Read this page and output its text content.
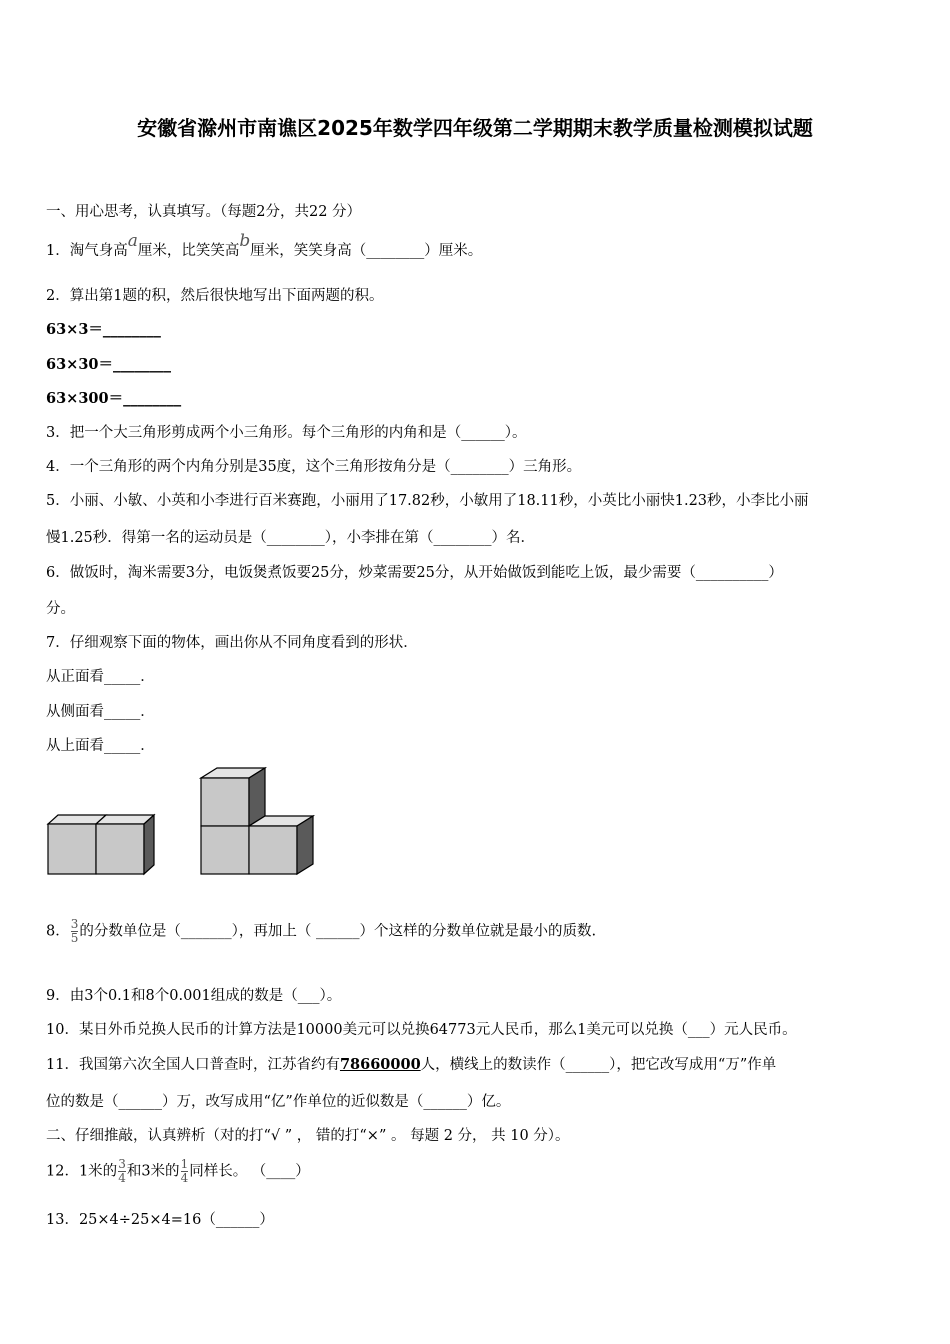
安徽省滁州市南谯区2025年数学四年级第二学期期末教学质量检测模拟试题
一、用心思考，认真填写。（每题2分，共22 分）
1．淘气身高a厘米，比笑笑高b厘米，笑笑身高（________）厘米。
2．算出第1题的积，然后很快地写出下面两题的积。
63×3＝________
63×30＝________
63×300＝________
3．把一个大三角形剪成两个小三角形。每个三角形的内角和是（______）。
4．一个三角形的两个内角分别是35度，这个三角形按角分是（________）三角形。
5．小丽、小敏、小英和小李进行百米赛跑，小丽用了17.82秒，小敏用了18.11秒，小英比小丽快1.23秒，小李比小丽
慢1.25秒．得第一名的运动员是（________），小李排在第（________）名．
6．做饭时，淘米需要3分，电饭煲煮饭要25分，炒菜需要25分，从开始做饭到能吃上饭，最少需要（__________）
分。
7．仔细观察下面的物体，画出你从不同角度看到的形状．
从正面看_____．
从侧面看_____．
从上面看_____．
8． $\frac{3}{5}$ 的分数单位是（_______），再加上（ ______）个这样的分数单位就是最小的质数.
9．由3个0.1和8个0.001组成的数是（___）。
10．某日外币兑换人民币的计算方法是10000美元可以兑换64773元人民币，那么1美元可以兑换（___）元人民币。
11．我国第六次全国人口普查时，江苏省约有78660000人，横线上的数读作（______），把它改写成用“万”作单
位的数是（______）万，改写成用“亿”作单位的近似数是（______）亿。
二、仔细推敲，认真辨析（对的打“√ ” ， 错的打“×” 。 每题 2 分， 共 10 分）。
12．1米的 $\frac{3}{4}$ 和3米的 $\frac{1}{4}$ 同样长。 （____）
13．25×4÷25×4=16（______）
